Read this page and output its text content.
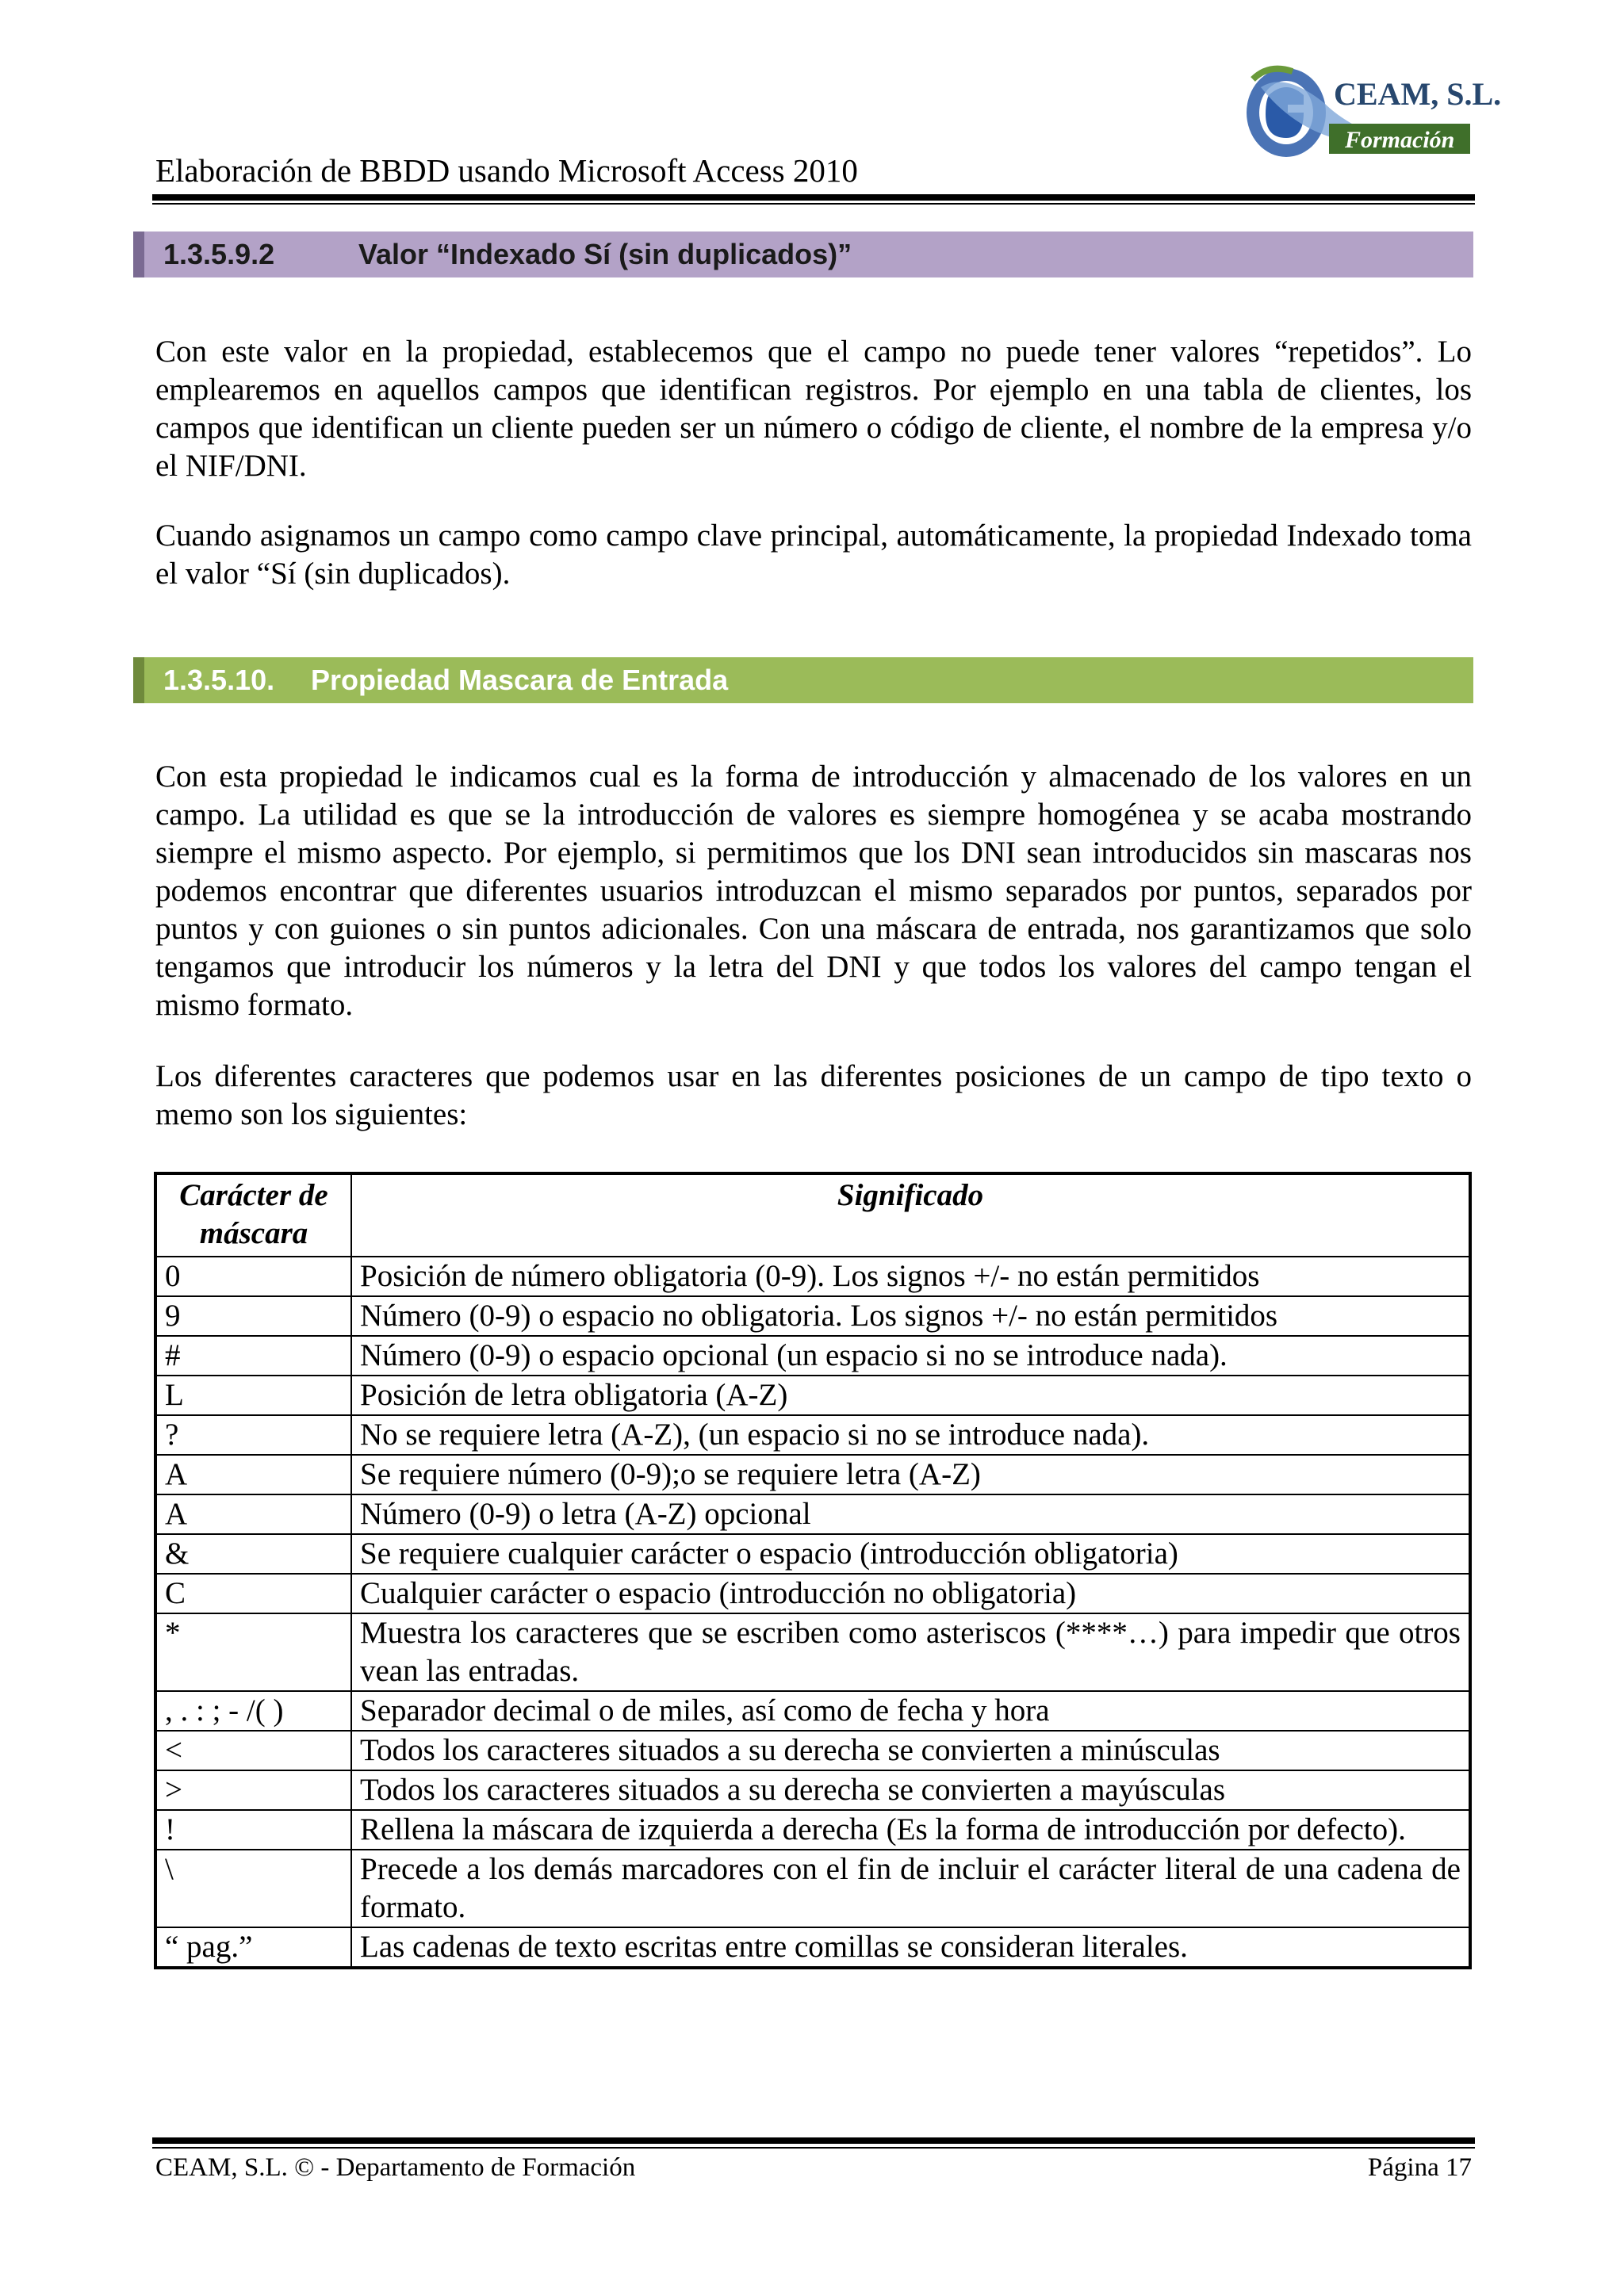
CEAM, S.L.
Formación
Elaboración de BBDD usando Microsoft Access 2010
1.3.5.9.2	Valor “Indexado Sí (sin duplicados)”
Con este valor en la propiedad, establecemos que el campo no puede tener valores “repetidos”. Lo emplearemos en aquellos campos que identifican registros. Por ejemplo en una tabla de clientes, los campos que identifican un cliente pueden ser un número o código de cliente, el nombre de la empresa y/o el NIF/DNI.
Cuando asignamos un campo como campo clave principal, automáticamente, la propiedad Indexado toma el valor “Sí (sin duplicados).
1.3.5.10. Propiedad Mascara de Entrada
Con esta propiedad le indicamos cual es la forma de introducción y almacenado de los valores en un campo. La utilidad es que se la introducción de valores es siempre homogénea y se acaba mostrando siempre el mismo aspecto. Por ejemplo, si permitimos que los DNI sean introducidos sin mascaras nos podemos encontrar que diferentes usuarios introduzcan el mismo separados por puntos, separados por puntos y con guiones o sin puntos adicionales. Con una máscara de entrada, nos garantizamos que solo tengamos que introducir los números y la letra del DNI y que todos los valores del campo tengan el mismo formato.
Los diferentes caracteres que podemos usar en las diferentes posiciones de un campo de tipo texto o memo son los siguientes:
Carácter de máscara	Significado
0	Posición de número obligatoria (0-9). Los signos +/- no están permitidos
9	Número (0-9) o espacio no obligatoria. Los signos +/- no están permitidos
#	Número (0-9) o espacio opcional (un espacio si no se introduce nada).
L	Posición de letra obligatoria (A-Z)
?	No se requiere letra (A-Z), (un espacio si no se introduce nada).
A	Se requiere número (0-9);o se requiere letra (A-Z)
A	Número (0-9) o letra (A-Z) opcional
&	Se requiere cualquier carácter o espacio (introducción obligatoria)
C	Cualquier carácter o espacio (introducción no obligatoria)
*	Muestra los caracteres que se escriben como asteriscos (****…) para impedir que otros vean las entradas.
, . : ; - /( )	Separador decimal o de miles, así como de fecha y hora
<	Todos los caracteres situados a su derecha se convierten a minúsculas
>	Todos los caracteres situados a su derecha se convierten a mayúsculas
!	Rellena la máscara de izquierda a derecha (Es la forma de introducción por defecto).
\	Precede a los demás marcadores con el fin de incluir el carácter literal de una cadena de formato.
“ pag.”	Las cadenas de texto escritas entre comillas se consideran literales.
CEAM, S.L. © - Departamento de Formación	Página 17
